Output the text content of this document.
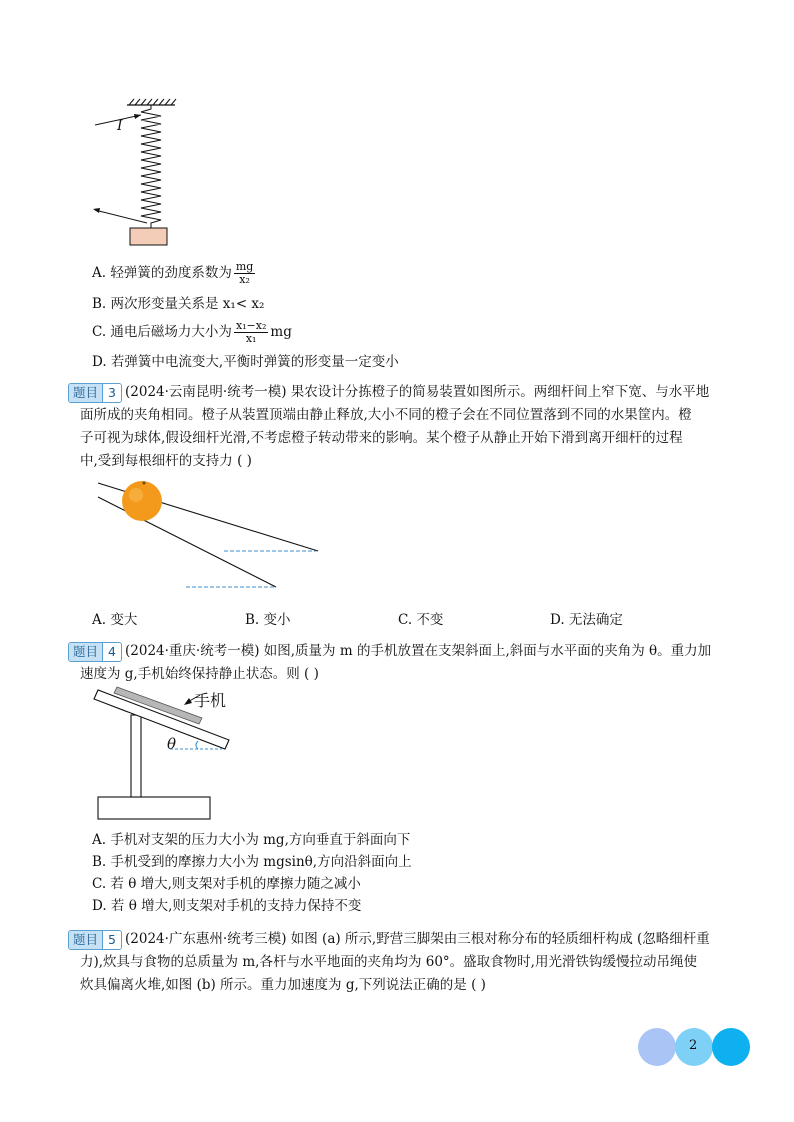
I
A. 轻弹簧的劲度系数为 $\frac{mg}{\text{x₂}}$
B. 两次形变量关系是 x₁< x₂
C. 通电后磁场力大小为 $\frac{\text{x₁−x₂}}{\text{x₁}}$ mg
D. 若弹簧中电流变大,平衡时弹簧的形变量一定变小
题目 3 (2024·云南昆明·统考一模) 果农设计分拣橙子的简易装置如图所示。两细杆间上窄下宽、与水平地
面所成的夹角相同。橙子从装置顶端由静止释放,大小不同的橙子会在不同位置落到不同的水果筐内。橙
子可视为球体,假设细杆光滑,不考虑橙子转动带来的影响。某个橙子从静止开始下滑到离开细杆的过程
中,受到每根细杆的支持力 ( )
A. 变大	B. 变小	C. 不变	D. 无法确定
题目 4 (2024·重庆·统考一模) 如图,质量为 m 的手机放置在支架斜面上,斜面与水平面的夹角为 θ。重力加
速度为 g,手机始终保持静止状态。则 ( )
手机
θ
A. 手机对支架的压力大小为 mg,方向垂直于斜面向下
B. 手机受到的摩擦力大小为 mgsinθ,方向沿斜面向上
C. 若 θ 增大,则支架对手机的摩擦力随之减小
D. 若 θ 增大,则支架对手机的支持力保持不变
题目 5 (2024·广东惠州·统考三模) 如图 (a) 所示,野营三脚架由三根对称分布的轻质细杆构成 (忽略细杆重
力),炊具与食物的总质量为 m,各杆与水平地面的夹角均为 60°。盛取食物时,用光滑铁钩缓慢拉动吊绳使
炊具偏离火堆,如图 (b) 所示。重力加速度为 g,下列说法正确的是 ( )
2
